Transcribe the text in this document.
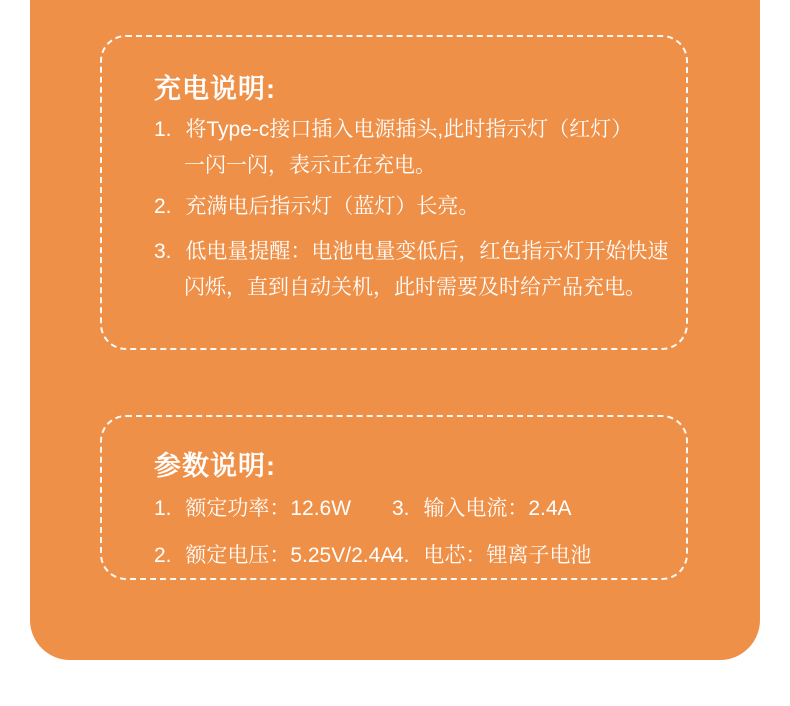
充电说明:
1. 将Type-c接口插入电源插头,此时指示灯（红灯）
一闪一闪，表示正在充电。
2. 充满电后指示灯（蓝灯）长亮。
3. 低电量提醒：电池电量变低后，红色指示灯开始快速
闪烁，直到自动关机，此时需要及时给产品充电。
参数说明:
1. 额定功率：12.6W
2. 额定电压：5.25V/2.4A
3. 输入电流：2.4A
4. 电芯：锂离子电池
